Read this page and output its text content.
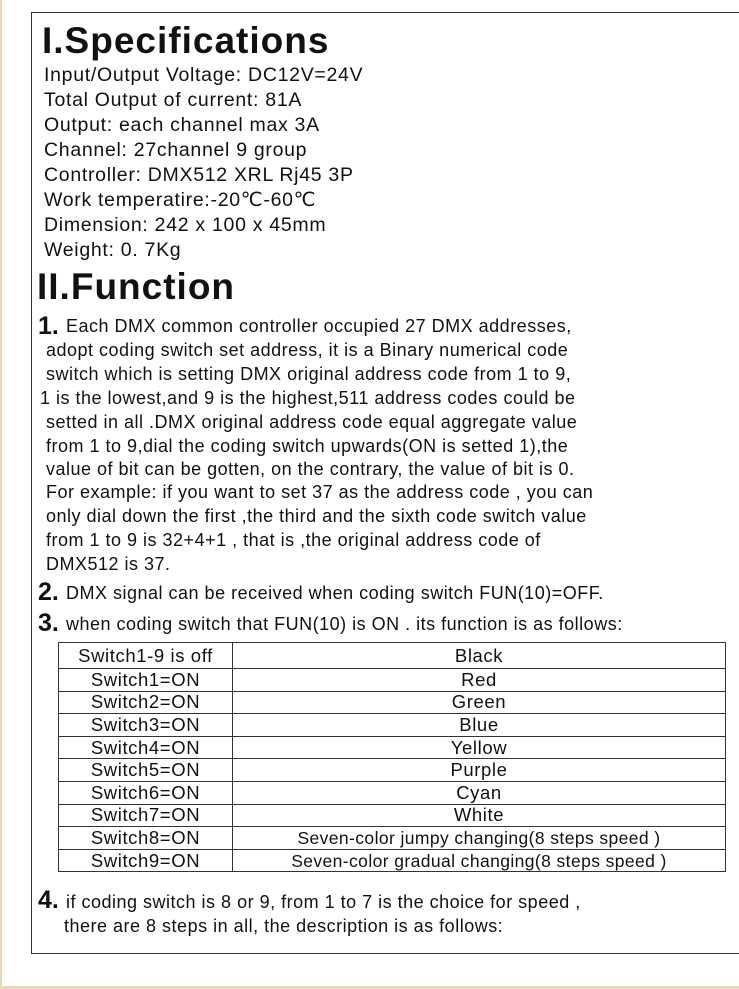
I.Specifications
Input/Output Voltage: DC12V=24V
Total Output of current: 81A
Output: each channel max 3A
Channel: 27channel 9 group
Controller: DMX512 XRL Rj45 3P
Work temperatire:-20℃-60℃
Dimension: 242 x 100 x 45mm
Weight: 0. 7Kg
II.Function
1. Each DMX common controller occupied 27 DMX addresses,
adopt coding switch set address, it is a Binary numerical code
switch which is setting DMX original address code from 1 to 9,
1 is the lowest,and 9 is the highest,511 address codes could be
setted in all .DMX original address code equal aggregate value
from 1 to 9,dial the coding switch upwards(ON is setted 1),the
value of bit can be gotten, on the contrary, the value of bit is 0.
For example: if you want to set 37 as the address code , you can
only dial down the first ,the third and the sixth code switch value
from 1 to 9 is 32+4+1 , that is ,the original address code of
DMX512 is 37.
2. DMX signal can be received when coding switch FUN(10)=OFF.
3. when coding switch that FUN(10) is ON . its function is as follows:
Switch1-9 is off	Black
Switch1=ON	Red
Switch2=ON	Green
Switch3=ON	Blue
Switch4=ON	Yellow
Switch5=ON	Purple
Switch6=ON	Cyan
Switch7=ON	White
Switch8=ON	Seven-color jumpy changing(8 steps speed )
Switch9=ON	Seven-color gradual changing(8 steps speed )
4. if coding switch is 8 or 9, from 1 to 7 is the choice for speed ,
there are 8 steps in all, the description is as follows:
